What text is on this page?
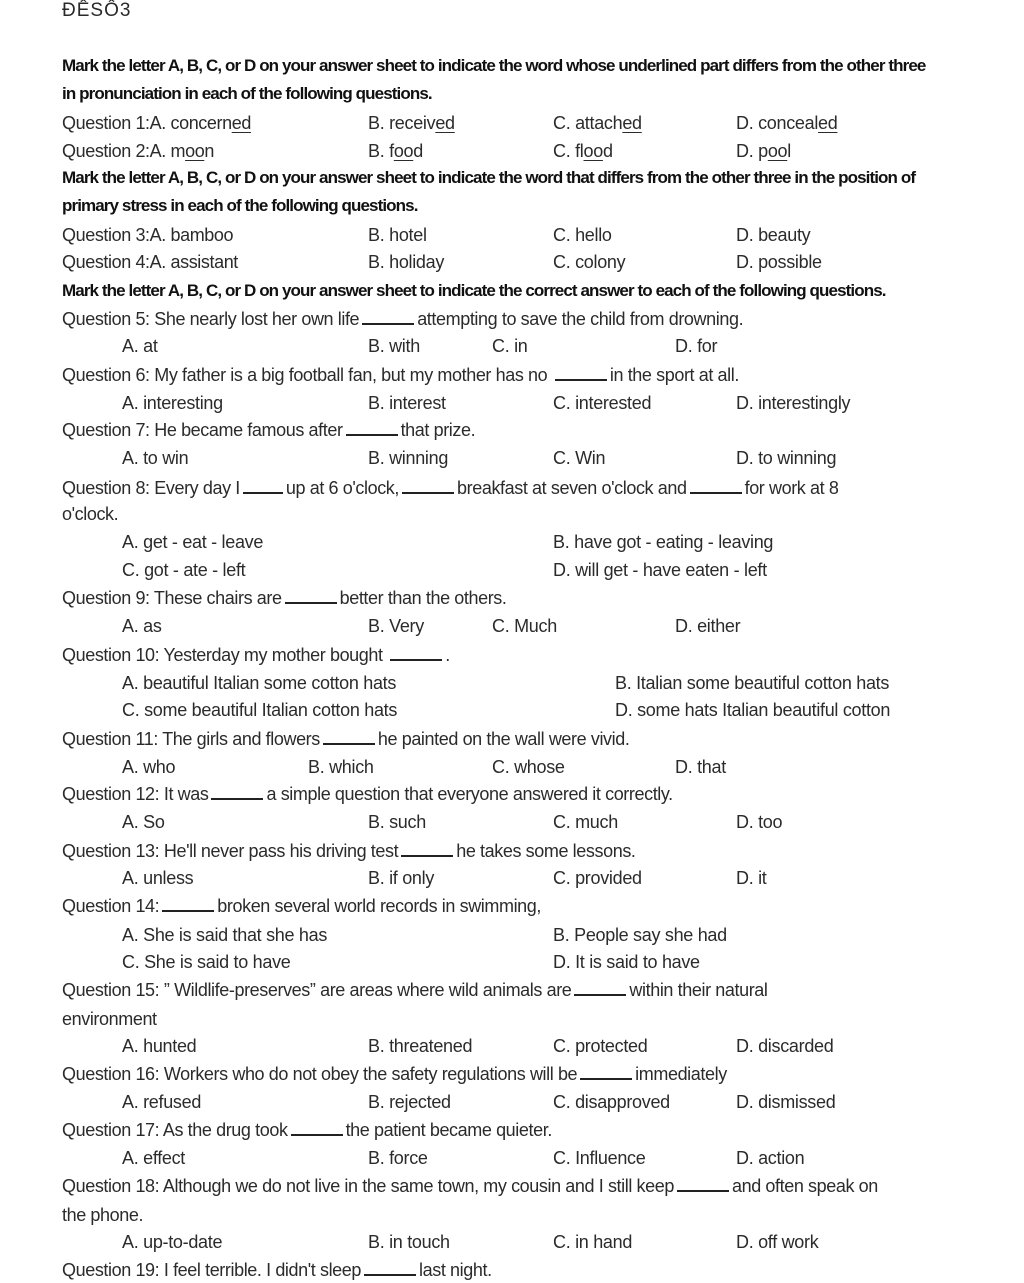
ĐỀSỐ3
Mark the letter A, B, C, or D on your answer sheet to indicate the word whose underlined part differs from the other three
in pronunciation in each of the following questions.
Question 1:A. concerned	B. received	C. attached	D. concealed
Question 2:A. moon	B. food	C. flood	D. pool
Mark the letter A, B, C, or D on your answer sheet to indicate the word that differs from the other three in the position of
primary stress in each of the following questions.
Question 3:A. bamboo	B. hotel	C. hello	D. beauty
Question 4:A. assistant	B. holiday	C. colony	D. possible
Mark the letter A, B, C, or D on your answer sheet to indicate the correct answer to each of the following questions.
Question 5: She nearly lost her own life	attempting to save the child from drowning.
A. at	B. with	C. in	D. for
Question 6: My father is a big football fan, but my mother has no	in the sport at all.
A. interesting	B. interest	C. interested	D. interestingly
Question 7: He became famous after	that prize.
A. to win	B. winning	C. Win	D. to winning
Question 8: Every day I	up at 6 o'clock,	breakfast at seven o'clock and	for work at 8
o'clock.
A. get - eat - leave	B. have got - eating - leaving
C. got - ate - left	D. will get - have eaten - left
Question 9: These chairs are	better than the others.
A. as	B. Very	C. Much	D. either
Question 10: Yesterday my mother bought	.
A. beautiful Italian some cotton hats	B. Italian some beautiful cotton hats
C. some beautiful Italian cotton hats	D. some hats Italian beautiful cotton
Question 11: The girls and flowers	he painted on the wall were vivid.
A. who	B. which	C. whose	D. that
Question 12: It was	a simple question that everyone answered it correctly.
A. So	B. such	C. much	D. too
Question 13: He'll never pass his driving test	he takes some lessons.
A. unless	B. if only	C. provided	D. it
Question 14:	broken several world records in swimming,
A. She is said that she has	B. People say she had
C. She is said to have	D. It is said to have
Question 15: ” Wildlife-preserves” are areas where wild animals are	within their natural
environment
A. hunted	B. threatened	C. protected	D. discarded
Question 16: Workers who do not obey the safety regulations will be	immediately
A. refused	B. rejected	C. disapproved	D. dismissed
Question 17: As the drug took	the patient became quieter.
A. effect	B. force	C. Influence	D. action
Question 18: Although we do not live in the same town, my cousin and I still keep	and often speak on
the phone.
A. up-to-date	B. in touch	C. in hand	D. off work
Question 19: I feel terrible. I didn't sleep	last night.
